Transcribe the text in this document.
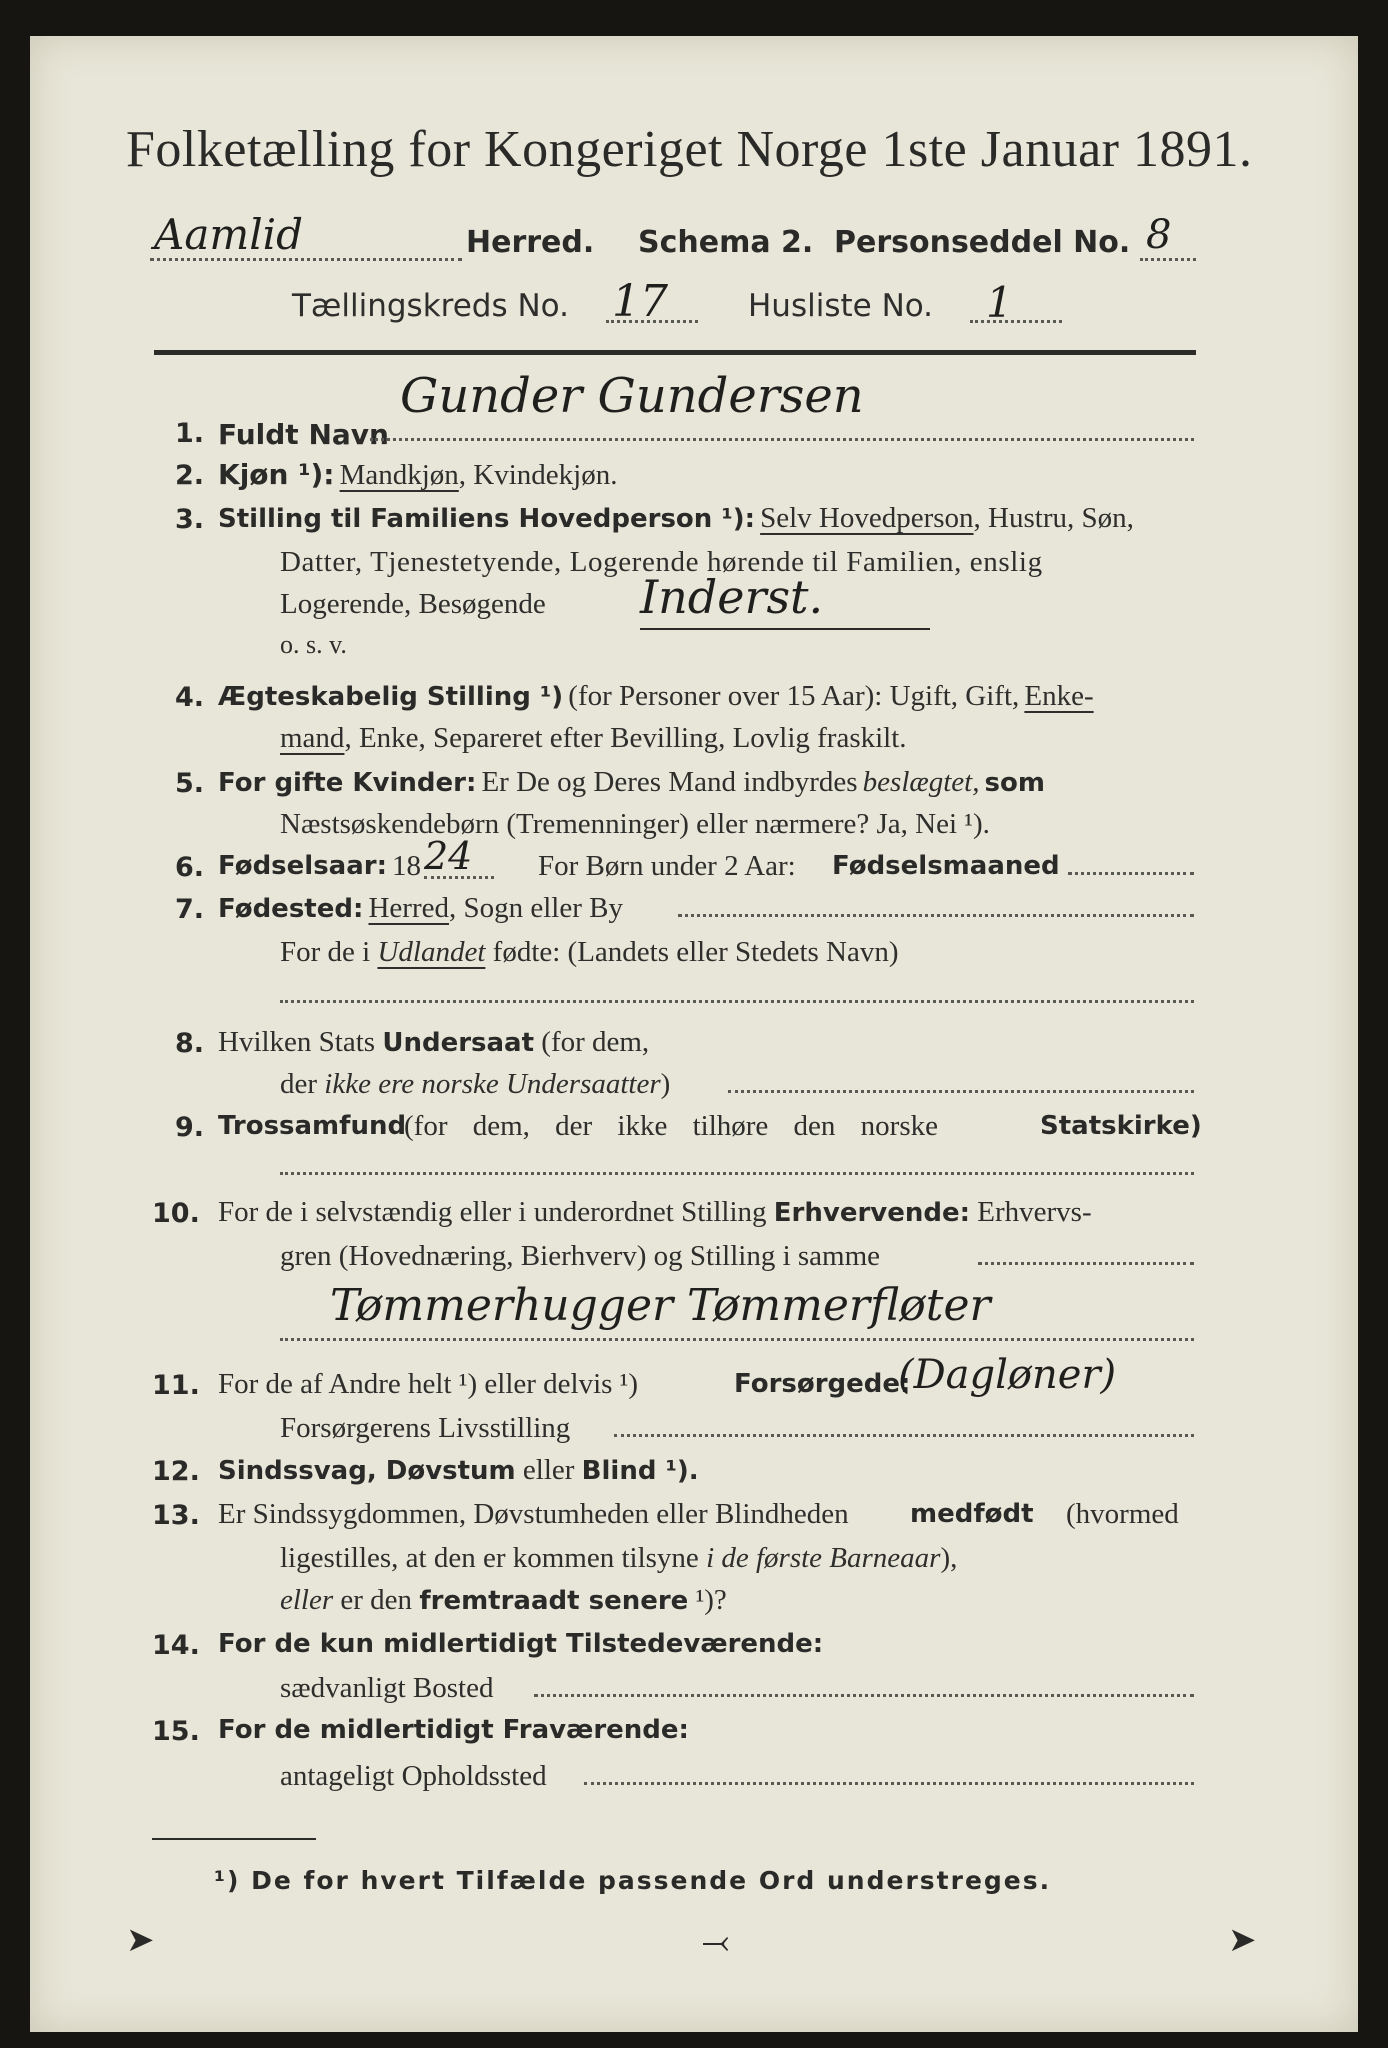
Folketælling for Kongeriget Norge 1ste Januar 1891.
Aamlid	Herred. Schema 2. Personseddel No. 8
Tællingskreds No. 17	Husliste No. 1
Gunder Gundersen
1. Fuldt Navn
2. Kjøn ¹): Mandkjøn, Kvindekjøn.
3. Stilling til Familiens Hovedperson ¹): Selv Hovedperson, Hustru, Søn,
Datter, Tjenestetyende, Logerende hørende til Familien, enslig
Logerende, Besøgende Inderst.
o. s. v.
4. Ægteskabelig Stilling ¹) (for Personer over 15 Aar): Ugift, Gift, Enke-
mand, Enke, Separeret efter Bevilling, Lovlig fraskilt.
5. For gifte Kvinder: Er De og Deres Mand indbyrdes beslægtet, som
Næstsøskendebørn (Tremenninger) eller nærmere? Ja, Nei ¹).
6. Fødselsaar: 18 24 For Børn under 2 Aar: Fødselsmaaned
7. Fødested: Herred, Sogn eller By
For de i Udlandet fødte: (Landets eller Stedets Navn)
8. Hvilken Stats Undersaat (for dem,
der ikke ere norske Undersaatter)
9. Trossamfund
(for dem, der ikke tilhøre den norske	Statskirke)
10. For de i selvstændig eller i underordnet Stilling Erhvervende: Erhvervs-
gren (Hovednæring, Bierhverv) og Stilling i samme
Tømmerhugger Tømmerfløter
11. For de af Andre helt ¹) eller delvis ¹)	Forsørgede:
(Dagløner)
Forsørgerens Livsstilling
12. Sindssvag, Døvstum eller Blind ¹).
13. Er Sindssygdommen, Døvstumheden eller Blindheden medfødt (hvormed
ligestilles, at den er kommen tilsyne i de første Barneaar),
eller er den fremtraadt senere ¹)?
14. For de kun midlertidigt Tilstedeværende:
sædvanligt Bosted
15. For de midlertidigt Fraværende:
antageligt Opholdssted
¹) De for hvert Tilfælde passende Ord understreges.
➤	⤙	➤
